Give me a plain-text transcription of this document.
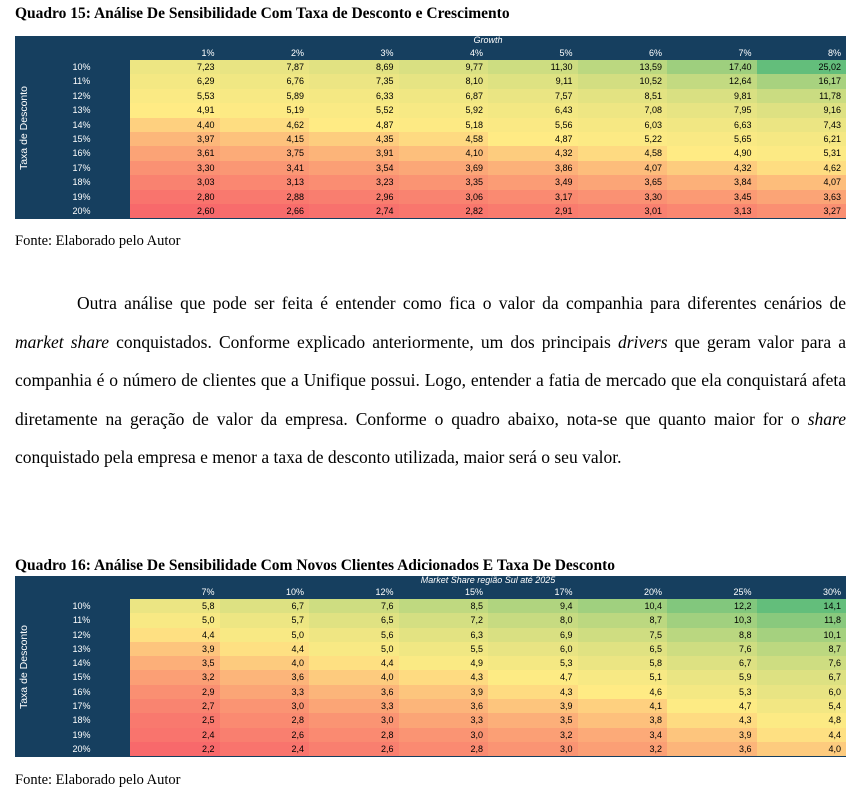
Quadro 15: Análise De Sensibilidade Com Taxa de Desconto e Crescimento
Taxa de Desconto
Growth
1%	2%	3%	4%	5%	6%	7%	8%
10%	7,23	7,87	8,69	9,77	11,30	13,59	17,40	25,02
11%	6,29	6,76	7,35	8,10	9,11	10,52	12,64	16,17
12%	5,53	5,89	6,33	6,87	7,57	8,51	9,81	11,78
13%	4,91	5,19	5,52	5,92	6,43	7,08	7,95	9,16
14%	4,40	4,62	4,87	5,18	5,56	6,03	6,63	7,43
15%	3,97	4,15	4,35	4,58	4,87	5,22	5,65	6,21
16%	3,61	3,75	3,91	4,10	4,32	4,58	4,90	5,31
17%	3,30	3,41	3,54	3,69	3,86	4,07	4,32	4,62
18%	3,03	3,13	3,23	3,35	3,49	3,65	3,84	4,07
19%	2,80	2,88	2,96	3,06	3,17	3,30	3,45	3,63
20%	2,60	2,66	2,74	2,82	2,91	3,01	3,13	3,27
Fonte: Elaborado pelo Autor

Outra análise que pode ser feita é entender como fica o valor da companhia para diferentes cenários de market share conquistados. Conforme explicado anteriormente, um dos principais drivers que geram valor para a companhia é o número de clientes que a Unifique possui. Logo, entender a fatia de mercado que ela conquistará afeta diretamente na geração de valor da empresa. Conforme o quadro abaixo, nota-se que quanto maior for o share conquistado pela empresa e menor a taxa de desconto utilizada, maior será o seu valor.

Quadro 16: Análise De Sensibilidade Com Novos Clientes Adicionados E Taxa De Desconto
Taxa de Desconto
Market Share região Sul até 2025
7%	10%	12%	15%	17%	20%	25%	30%
10%	5,8	6,7	7,6	8,5	9,4	10,4	12,2	14,1
11%	5,0	5,7	6,5	7,2	8,0	8,7	10,3	11,8
12%	4,4	5,0	5,6	6,3	6,9	7,5	8,8	10,1
13%	3,9	4,4	5,0	5,5	6,0	6,5	7,6	8,7
14%	3,5	4,0	4,4	4,9	5,3	5,8	6,7	7,6
15%	3,2	3,6	4,0	4,3	4,7	5,1	5,9	6,7
16%	2,9	3,3	3,6	3,9	4,3	4,6	5,3	6,0
17%	2,7	3,0	3,3	3,6	3,9	4,1	4,7	5,4
18%	2,5	2,8	3,0	3,3	3,5	3,8	4,3	4,8
19%	2,4	2,6	2,8	3,0	3,2	3,4	3,9	4,4
20%	2,2	2,4	2,6	2,8	3,0	3,2	3,6	4,0
Fonte: Elaborado pelo Autor
